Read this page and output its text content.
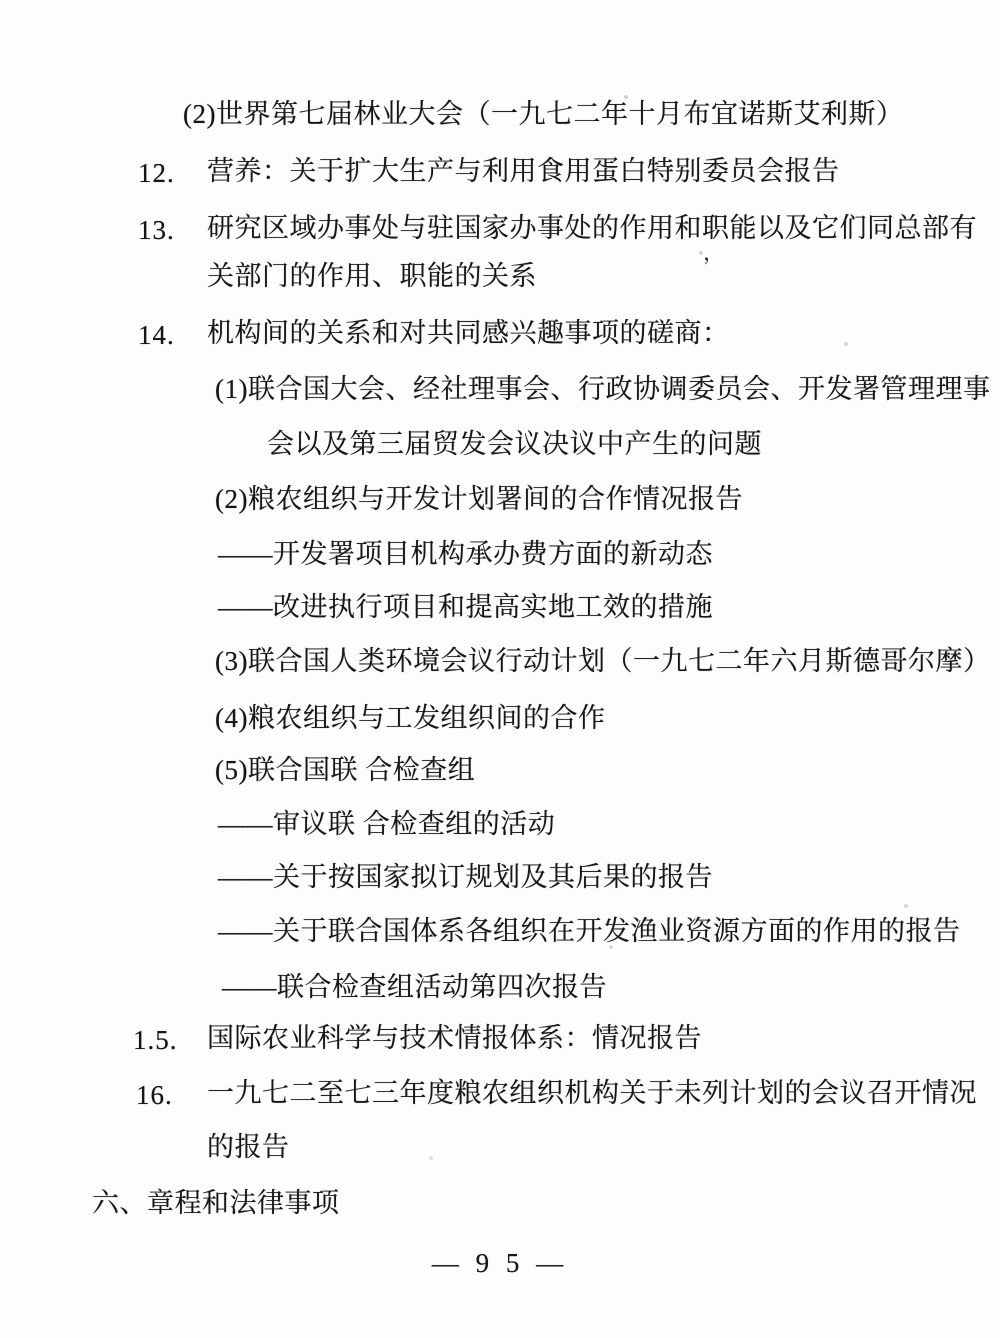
(2)世界第七届林业大会（一九七二年十月布宜诺斯艾利斯）
12. 营养：关于扩大生产与利用食用蛋白特别委员会报告
13. 研究区域办事处与驻国家办事处的作用和职能以及它们同总部有
，
关部门的作用、职能的关系
14. 机构间的关系和对共同感兴趣事项的磋商：
(1)联合国大会、经社理事会、行政协调委员会、开发署管理理事
会以及第三届贸发会议决议中产生的问题
(2)粮农组织与开发计划署间的合作情况报告
——开发署项目机构承办费方面的新动态
——改进执行项目和提高实地工效的措施
(3)联合国人类环境会议行动计划（一九七二年六月斯德哥尔摩）
(4)粮农组织与工发组织间的合作
(5)联合国联 合检查组
——审议联 合检查组的活动
——关于按国家拟订规划及其后果的报告
——关于联合国体系各组织在开发渔业资源方面的作用的报告
——联合检查组活动第四次报告
1.5. 国际农业科学与技术情报体系：情况报告
16. 一九七二至七三年度粮农组织机构关于未列计划的会议召开情况
的报告
六、章程和法律事项
— 9 5 —
